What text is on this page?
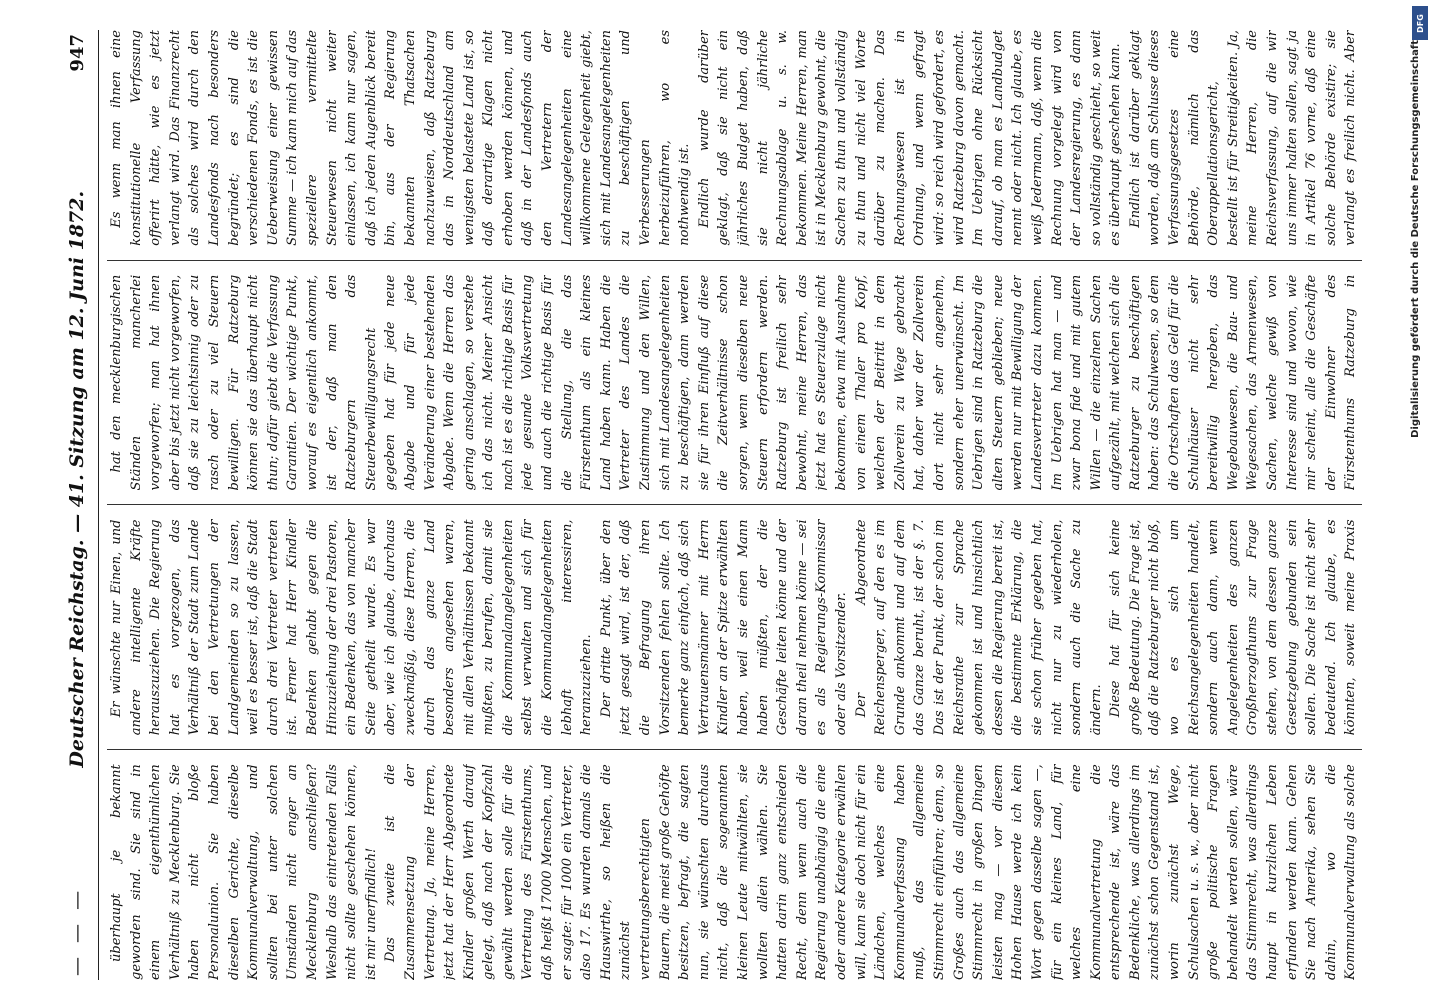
— — —
Deutscher Reichstag. — 41. Sitzung am 12. Juni 1872.
947

überhaupt je bekannt geworden sind. Sie sind in einem eigenthümlichen Verhältniß zu Mecklenburg. Sie haben nicht bloße Personalunion. Sie haben dieselben Gerichte, dieselbe Kommunalverwaltung, und sollten bei unter solchen Umständen nicht enger an Mecklenburg anschließen? Weshalb das eintretenden Falls nicht sollte geschehen können, ist mir unerfindlich! Das zweite ist die Zusammensetzung der Vertretung. Ja, meine Herren, jetzt hat der Herr Abgeordnete Kindler großen Werth darauf gelegt, daß nach der Kopfzahl gewählt werden solle für die Vertretung des Fürstenthums, daß heißt 17000 Menschen, und er sagte: für 1000 ein Vertreter, also 17. Es wurden damals die Hauswirthe, so heißen die zunächst vertretungsberechtigten Bauern, die meist große Gehöfte besitzen, befragt, die sagten nun, sie wünschten durchaus nicht, daß die sogenannten kleinen Leute mitwählten, sie wollten allein wählen. Sie hatten darin ganz entschieden Recht, denn wenn auch die Regierung unabhängig die eine oder andere Kategorie erwählen will, kann sie doch nicht für ein Ländchen, welches eine Kommunalverfassung haben muß, das allgemeine Stimmrecht einführen; denn, so Großes auch das allgemeine Stimmrecht in großen Dingen leisten mag — vor diesem Hohen Hause werde ich kein Wort gegen dasselbe sagen —, für ein kleines Land, für welches eine Kommunalvertretung die entsprechende ist, wäre das Bedenkliche, was allerdings im zunächst schon Gegenstand ist, worin zunächst Wege, Schulsachen u. s. w., aber nicht große politische Fragen behandelt werden sollen, wäre das Stimmrecht, was allerdings haupt in kurzlichen Leben erfunden werden kann. Gehen Sie nach Amerika, sehen Sie dahin, wo die Kommunalverwaltung als solche

Er wünschte nur Einen, und andere intelligente Kräfte herauszuziehen. Die Regierung hat es vorgezogen, das Verhältniß der Stadt zum Lande bei den Vertretungen der Landgemeinden so zu lassen, weil es besser ist, daß die Stadt durch drei Vertreter vertreten ist. Ferner hat Herr Kindler Bedenken gehabt gegen die Hinzuziehung der drei Pastoren, ein Bedenken, das von mancher Seite getheilt wurde. Es war aber, wie ich glaube, durchaus zweckmäßig, diese Herren, die durch das ganze Land besonders angesehen waren, mit allen Verhältnissen bekannt mußten, zu berufen, damit sie die Kommunalangelegenheiten selbst verwalten und sich für die Kommunalangelegenheiten lebhaft interessiren, heranzuziehen. Der dritte Punkt, über den jetzt gesagt wird, ist der, daß die Befragung ihren Vorsitzenden fehlen sollte. Ich bemerke ganz einfach, daß sich Vertrauensmänner mit Herrn Kindler an der Spitze erwählten haben, weil sie einen Mann haben müßten, der die Geschäfte leiten könne und der daran theil nehmen könne — sei es als Regierungs-Kommissar oder als Vorsitzender. Der Abgeordnete Reichensperger, auf den es im Grunde ankommt und auf dem das Ganze beruht, ist der §. 7. Das ist der Punkt, der schon im Reichsrathe zur Sprache gekommen ist und hinsichtlich dessen die Regierung bereit ist, die bestimmte Erklärung, die sie schon früher gegeben hat, nicht nur zu wiederholen, sondern auch die Sache zu ändern. Diese hat für sich keine große Bedeutung. Die Frage ist, daß die Ratzeburger nicht bloß, wo es sich um Reichsangelegenheiten handelt, sondern auch dann, wenn Angelegenheiten des ganzen Großherzogthums zur Frage stehen, von dem dessen ganze Gesetzgebung gebunden sein sollen. Die Sache ist nicht sehr bedeutend. Ich glaube, es könnten, soweit meine Praxis

hat den mecklenburgischen Ständen mancherlei vorgeworfen; man hat ihnen aber bis jetzt nicht vorgeworfen, daß sie zu leichtsinnig oder zu rasch oder zu viel Steuern bewilligen. Für Ratzeburg können sie das überhaupt nicht thun; dafür giebt die Verfassung Garantien. Der wichtige Punkt, worauf es eigentlich ankommt, ist der, daß man den Ratzeburgern das Steuerbewilligungsrecht gegeben hat für jede neue Abgabe und für jede Veränderung einer bestehenden Abgabe. Wenn die Herren das gering anschlagen, so verstehe ich das nicht. Meiner Ansicht nach ist es die richtige Basis für jede gesunde Volksvertretung und auch die richtige Basis für die Stellung, die das Fürstenthum als ein kleines Land haben kann. Haben die Vertreter des Landes die Zustimmung und den Willen, sich mit Landesangelegenheiten zu beschäftigen, dann werden sie für ihren Einfluß auf diese die Zeitverhältnisse schon sorgen, wenn dieselben neue Steuern erfordern werden. Ratzeburg ist freilich sehr bewohnt, meine Herren, das jetzt hat es Steuerzulage nicht bekommen, etwa mit Ausnahme von einem Thaler pro Kopf, welchen der Beitritt in dem Zollverein zu Wege gebracht hat, daher war der Zollverein dort nicht sehr angenehm, sondern eher unerwünscht. Im Uebrigen sind in Ratzeburg die alten Steuern geblieben; neue werden nur mit Bewilligung der Landesvertreter dazu kommen. Im Uebrigen hat man — und zwar bona fide und mit gutem Willen — die einzelnen Sachen aufgezählt, mit welchen sich die Ratzeburger zu beschäftigen haben: das Schulwesen, so dem die Ortschaften das Geld für die Schulhäuser nicht sehr bereitwillig hergeben, das Wegebauwesen, die Bau- und Wegesachen, das Armenwesen, Sachen, welche gewiß von Interesse sind und wovon, wie mir scheint, alle die Geschäfte der Einwohner des Fürstenthums Ratzeburg in

Es wenn man ihnen eine konstitutionelle Verfassung offerirt hätte, wie es jetzt verlangt wird. Das Finanzrecht als solches wird durch den Landesfonds nach besonders begründet; es sind die verschiedenen Fonds, es ist die Ueberweisung einer gewissen Summe — ich kann mich auf das speziellere vermittelte Steuerwesen nicht weiter einlassen, ich kann nur sagen, daß ich jeden Augenblick bereit bin, aus der Regierung bekannten Thatsachen nachzuweisen, daß Ratzeburg das in Norddeutschland am wenigsten belastete Land ist, so daß derartige Klagen nicht erhoben werden können, und daß in der Landesfonds auch den Vertretern der Landesangelegenheiten eine willkommene Gelegenheit giebt, sich mit Landesangelegenheiten zu beschäftigen und Verbesserungen herbeizuführen, wo es nothwendig ist. Endlich wurde darüber geklagt, daß sie nicht ein jährliches Budget haben, daß sie nicht jährliche Rechnungsablage u. s. w. bekommen. Meine Herren, man ist in Mecklenburg gewohnt, die Sachen zu thun und vollständig zu thun und nicht viel Worte darüber zu machen. Das Rechnungswesen ist in Ordnung, und wenn gefragt wird: so reich wird gefordert, es wird Ratzeburg davon gemacht. Im Uebrigen ohne Rücksicht darauf, ob man es Landbudget nennt oder nicht. Ich glaube, es weiß Jedermann, daß, wenn die Rechnung vorgelegt wird von der Landesregierung, es dann so vollständig geschieht, so weit es überhaupt geschehen kann. Endlich ist darüber geklagt worden, daß am Schlusse dieses Verfassungsgesetzes eine Behörde, nämlich das Oberappellationsgericht, bestellt ist für Streitigkeiten. Ja, meine Herren, die Reichsverfassung, auf die wir uns immer halten sollen, sagt ja in Artikel 76 vorne, daß eine solche Behörde existire; sie verlangt es freilich nicht. Aber

DFG
Digitalisierung gefördert durch die Deutsche Forschungsgemeinschaft
